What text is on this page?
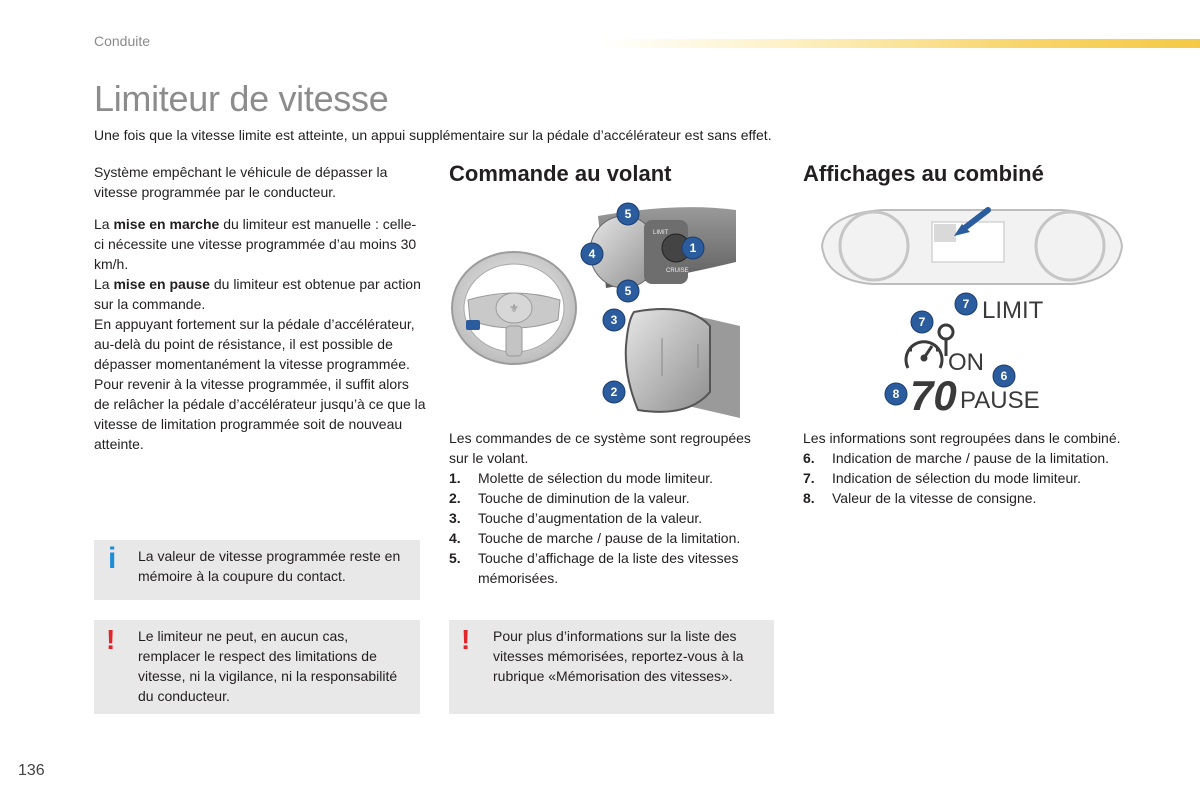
Conduite
Limiteur de vitesse
Une fois que la vitesse limite est atteinte, un appui supplémentaire sur la pédale d’accélérateur est sans effet.

Système empêchant le véhicule de dépasser la vitesse programmée par le conducteur.

La mise en marche du limiteur est manuelle : celle-ci nécessite une vitesse programmée d’au moins 30 km/h.

La mise en pause du limiteur est obtenue par action sur la commande.

En appuyant fortement sur la pédale d’accélérateur, au-delà du point de résistance, il est possible de dépasser momentanément la vitesse programmée.

Pour revenir à la vitesse programmée, il suffit alors de relâcher la pédale d’accélérateur jusqu’à ce que la vitesse de limitation programmée soit de nouveau atteinte.

i La valeur de vitesse programmée reste en mémoire à la coupure du contact.
! Le limiteur ne peut, en aucun cas, remplacer le respect des limitations de vitesse, ni la vigilance, ni la responsabilité du conducteur.
Commande au volant
⚜
LIMIT
CRUISE
5
4	1
5
3
2
Les commandes de ce système sont regroupées sur le volant.
1. Molette de sélection du mode limiteur.
2. Touche de diminution de la valeur.
3. Touche d’augmentation de la valeur.
4. Touche de marche / pause de la limitation.
5. Touche d’affichage de la liste des vitesses mémorisées.
! Pour plus d’informations sur la liste des vitesses mémorisées, reportez-vous à la rubrique «Mémorisation des vitesses».
Affichages au combiné
LIMIT
ON
70 PAUSE
7
7
6
8
Les informations sont regroupées dans le combiné.
6. Indication de marche / pause de la limitation.
7. Indication de sélection du mode limiteur.
8. Valeur de la vitesse de consigne.
136
